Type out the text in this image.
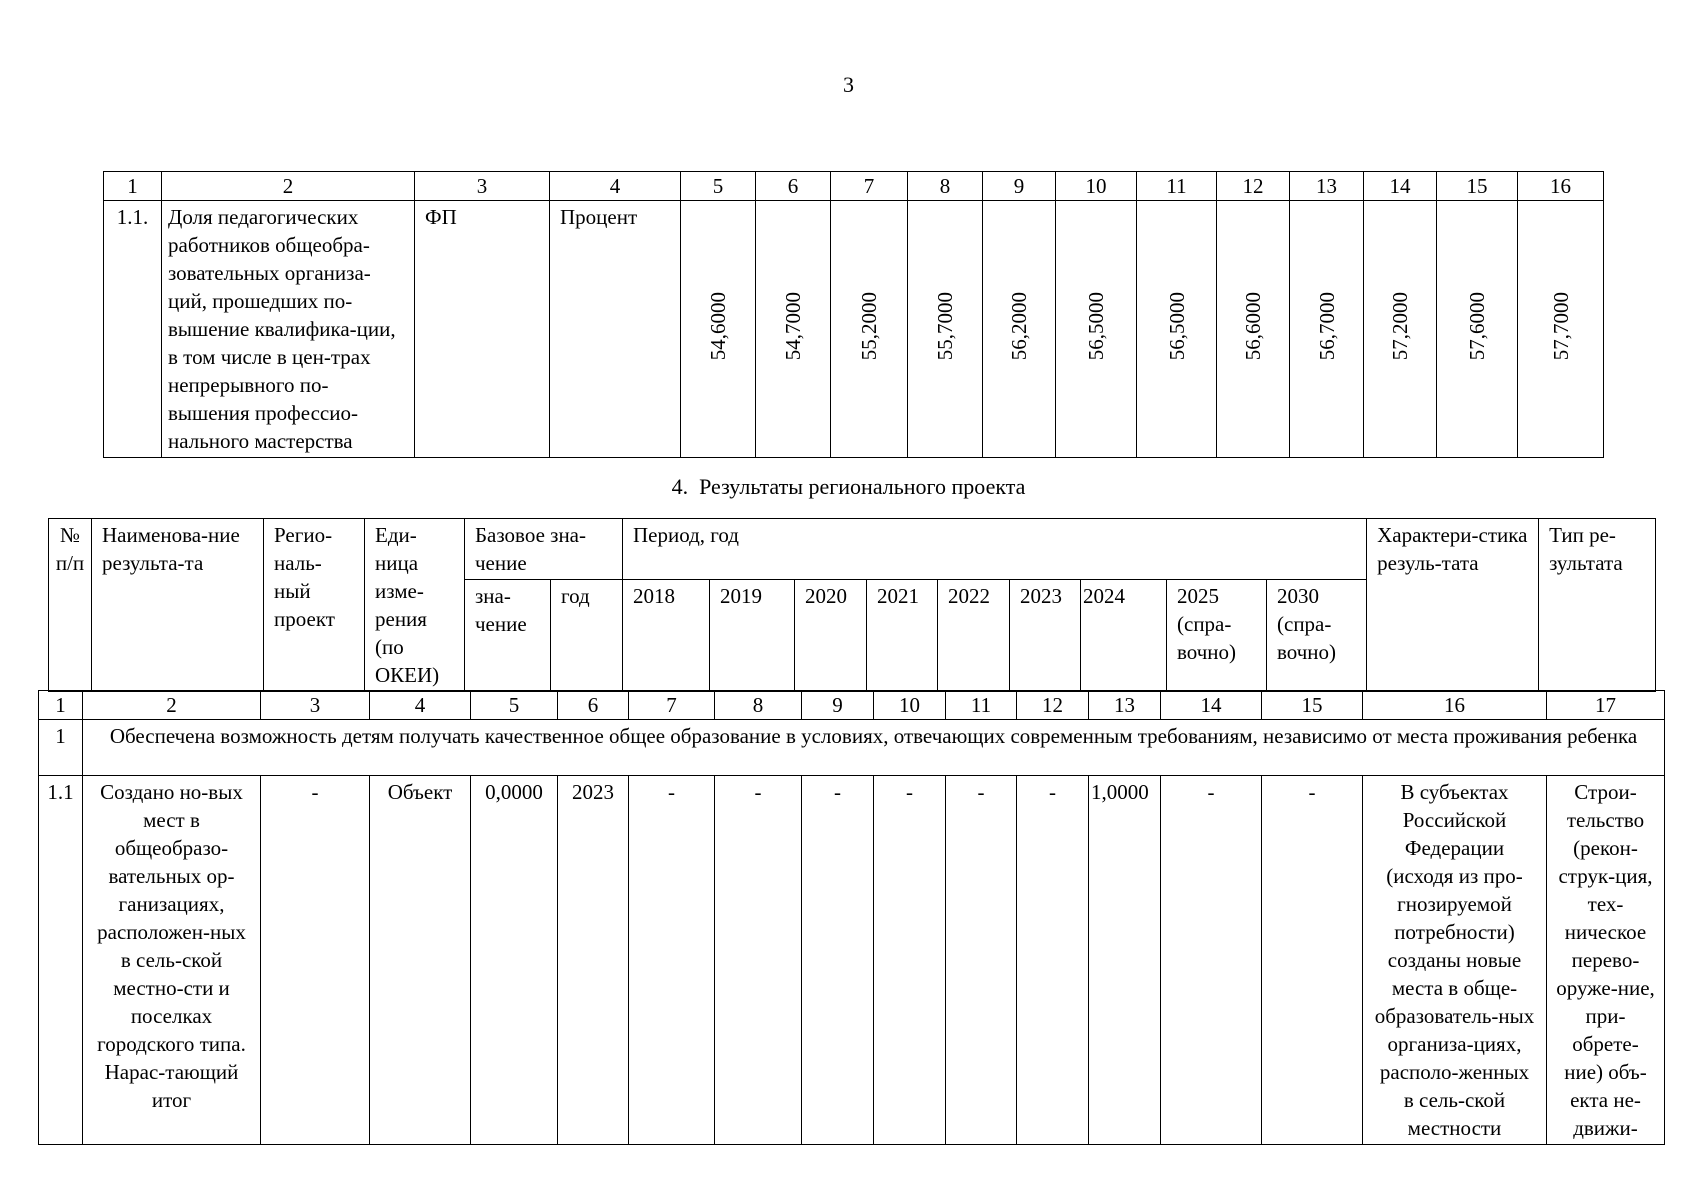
3
1	2	3	4	5	6	7	8	9	10	11	12	13	14	15	16

1.1.	Доля педагогических работников общеобра-зовательных организа-ций, прошедших по-вышение квалифика-ции, в том числе в цен-трах непрерывного по-вышения профессио-нального мастерства	ФП	Процент	54,6000	54,7000	55,2000	55,7000	56,2000	56,5000	56,5000	56,6000	56,7000	57,2000	57,6000	57,7000
4. Результаты регионального проекта
№ п/п	Наименова-ние результа-та	Регио-наль-ный проект	Еди-ница изме-рения (по ОКЕИ)	Базовое зна-чение		Период, год									Характери-стика резуль-тата	Тип ре-зультата

				зна-чение	год	2018	2019	2020	2021	2022	2023	2024	2025 (спра-вочно)	2030 (спра-вочно)		
1	2	3	4	5	6	7	8	9	10	11	12	13	14	15	16	17

1	Обеспечена возможность детям получать качественное общее образование в условиях, отвечающих современным требованиям, независимо от места проживания ребенка															

1.1	Создано но-вых мест в общеобразо-вательных ор-ганизациях, расположен-ных в сель-ской местно-сти и поселках городского типа. Нарас-тающий итог	-	Объект	0,0000	2023	-	-	-	-	-	-	1,0000	-	-	В субъектах Российской Федерации (исходя из про-гнозируемой потребности) созданы новые места в обще-образователь-ных организа-циях, располо-женных в сель-ской местности	Строи-тельство (рекон-струк-ция, тех-ническое перево-оруже-ние, при-обрете-ние) объ-екта не-движи-
